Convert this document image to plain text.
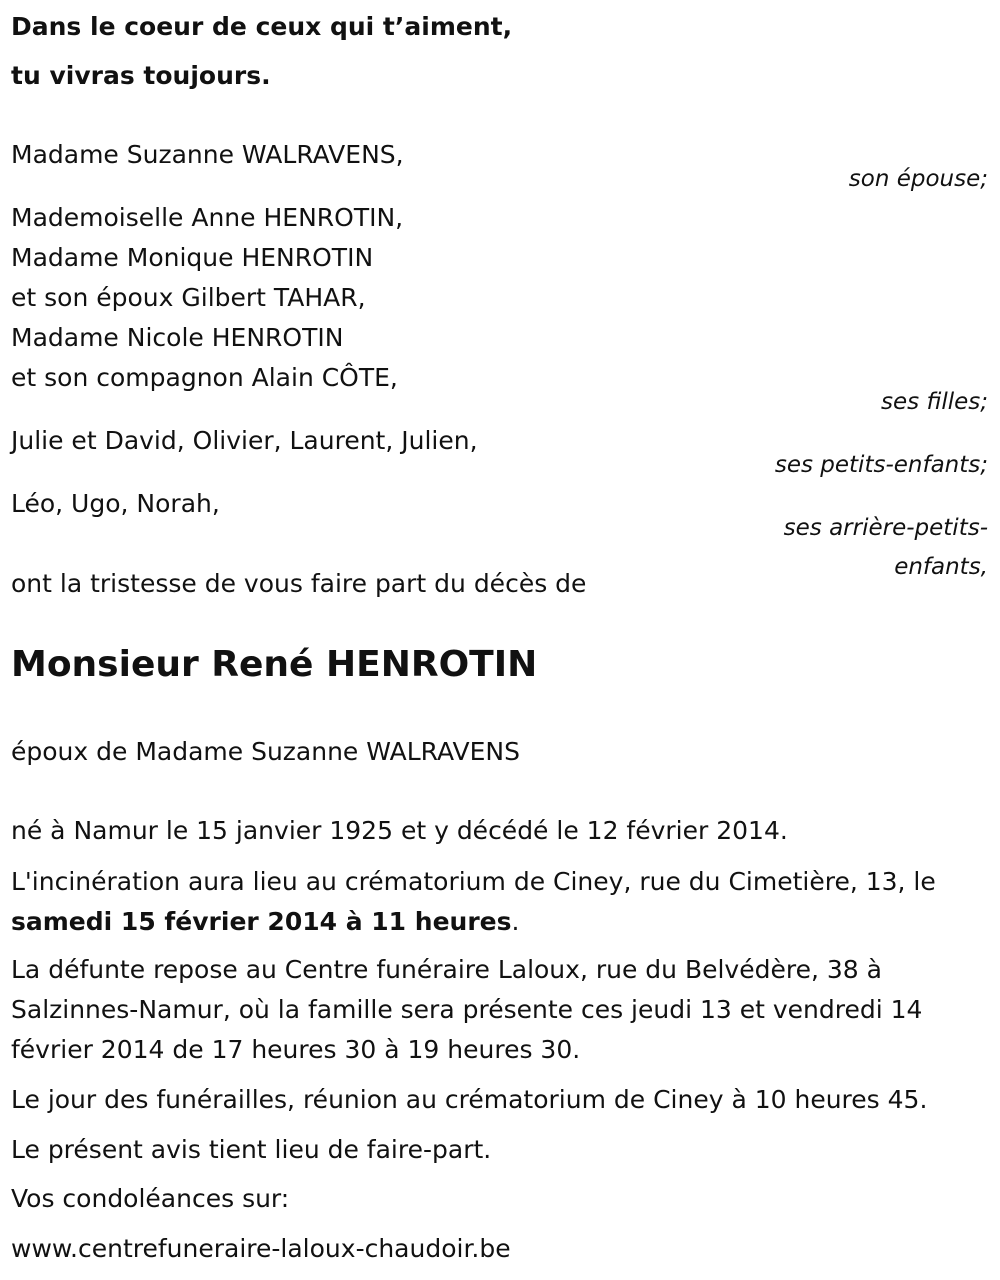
Dans le coeur de ceux qui t’aiment,

tu vivras toujours.

Madame Suzanne WALRAVENS,

son épouse;

Mademoiselle Anne HENROTIN,

Madame Monique HENROTIN

et son époux Gilbert TAHAR,

Madame Nicole HENROTIN

et son compagnon Alain CÔTE,

ses filles;

Julie et David, Olivier, Laurent, Julien,

ses petits-enfants;

Léo, Ugo, Norah,

ses arrière-petits-

enfants,

ont la tristesse de vous faire part du décès de

Monsieur René HENROTIN

époux de Madame Suzanne WALRAVENS

né à Namur le 15 janvier 1925 et y décédé le 12 février 2014.

L'incinération aura lieu au crématorium de Ciney, rue du Cimetière, 13, le
samedi 15 février 2014 à 11 heures.

La défunte repose au Centre funéraire Laloux, rue du Belvédère, 38 à Salzinnes-Namur, où la famille sera présente ces jeudi 13 et vendredi 14 février 2014 de 17 heures 30 à 19 heures 30.

Le jour des funérailles, réunion au crématorium de Ciney à 10 heures 45.

Le présent avis tient lieu de faire-part.

Vos condoléances sur:

www.centrefuneraire-laloux-chaudoir.be
